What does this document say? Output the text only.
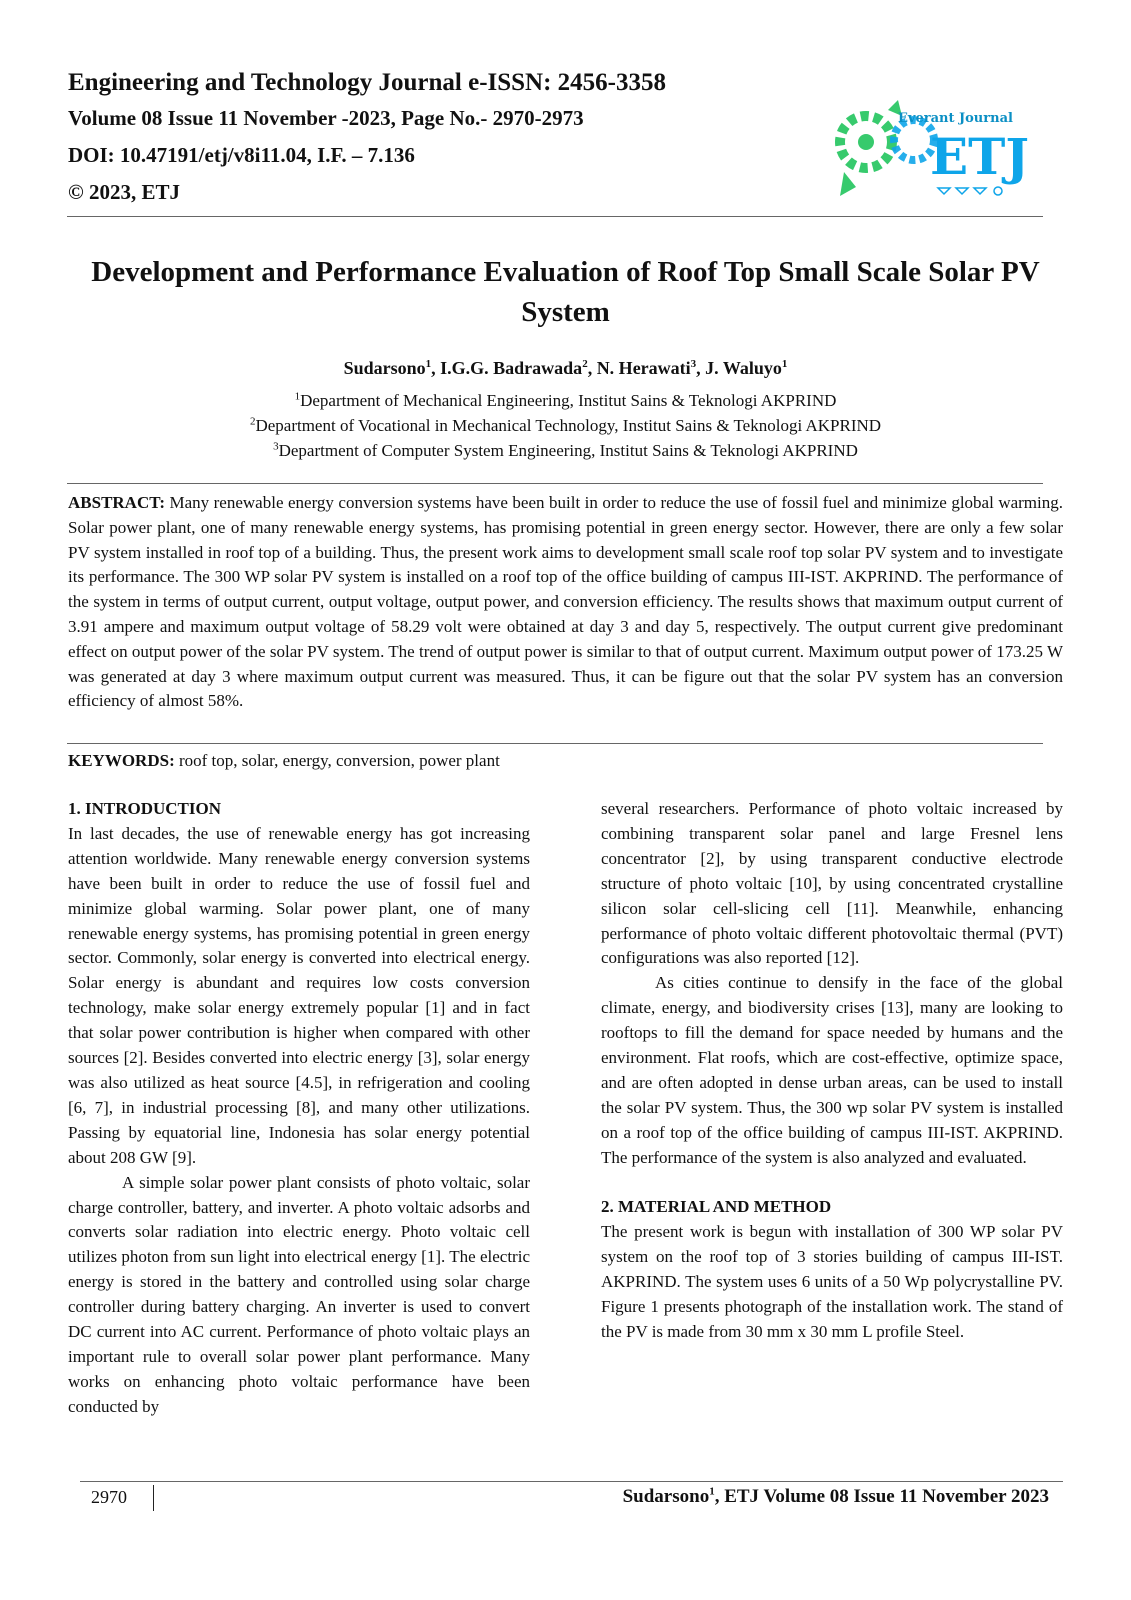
Engineering and Technology Journal e-ISSN: 2456-3358
Volume 08 Issue 11 November -2023, Page No.- 2970-2973
DOI: 10.47191/etj/v8i11.04, I.F. – 7.136
© 2023, ETJ
Everant Journal
ETJ
Development and Performance Evaluation of Roof Top Small Scale Solar PV System
Sudarsono$^1$, I.G.G. Badrawada$^2$, N. Herawati$^3$, J. Waluyo$^1$
$^1$Department of Mechanical Engineering, Institut Sains & Teknologi AKPRIND
$^2$Department of Vocational in Mechanical Technology, Institut Sains & Teknologi AKPRIND
$^3$Department of Computer System Engineering, Institut Sains & Teknologi AKPRIND
ABSTRACT: Many renewable energy conversion systems have been built in order to reduce the use of fossil fuel and minimize global warming. Solar power plant, one of many renewable energy systems, has promising potential in green energy sector. However, there are only a few solar PV system installed in roof top of a building. Thus, the present work aims to development small scale roof top solar PV system and to investigate its performance. The 300 WP solar PV system is installed on a roof top of the office building of campus III-IST. AKPRIND. The performance of the system in terms of output current, output voltage, output power, and conversion efficiency. The results shows that maximum output current of 3.91 ampere and maximum output voltage of 58.29 volt were obtained at day 3 and day 5, respectively. The output current give predominant effect on output power of the solar PV system. The trend of output power is similar to that of output current. Maximum output power of 173.25 W was generated at day 3 where maximum output current was measured. Thus, it can be figure out that the solar PV system has an conversion efficiency of almost 58%.
KEYWORDS: roof top, solar, energy, conversion, power plant

1. INTRODUCTION

In last decades, the use of renewable energy has got increasing attention worldwide. Many renewable energy conversion systems have been built in order to reduce the use of fossil fuel and minimize global warming. Solar power plant, one of many renewable energy systems, has promising potential in green energy sector. Commonly, solar energy is converted into electrical energy. Solar energy is abundant and requires low costs conversion technology, make solar energy extremely popular [1] and in fact that solar power contribution is higher when compared with other sources [2]. Besides converted into electric energy [3], solar energy was also utilized as heat source [4.5], in refrigeration and cooling [6, 7], in industrial processing [8], and many other utilizations. Passing by equatorial line, Indonesia has solar energy potential about 208 GW [9].

A simple solar power plant consists of photo voltaic, solar charge controller, battery, and inverter. A photo voltaic adsorbs and converts solar radiation into electric energy. Photo voltaic cell utilizes photon from sun light into electrical energy [1]. The electric energy is stored in the battery and controlled using solar charge controller during battery charging. An inverter is used to convert DC current into AC current. Performance of photo voltaic plays an important rule to overall solar power plant performance. Many works on enhancing photo voltaic performance have been conducted by

several researchers. Performance of photo voltaic increased by combining transparent solar panel and large Fresnel lens concentrator [2], by using transparent conductive electrode structure of photo voltaic [10], by using concentrated crystalline silicon solar cell-slicing cell [11]. Meanwhile, enhancing performance of photo voltaic different photovoltaic thermal (PVT) configurations was also reported [12].

As cities continue to densify in the face of the global climate, energy, and biodiversity crises [13], many are looking to rooftops to fill the demand for space needed by humans and the environment. Flat roofs, which are cost-effective, optimize space, and are often adopted in dense urban areas, can be used to install the solar PV system. Thus, the 300 wp solar PV system is installed on a roof top of the office building of campus III-IST. AKPRIND. The performance of the system is also analyzed and evaluated.

2. MATERIAL AND METHOD

The present work is begun with installation of 300 WP solar PV system on the roof top of 3 stories building of campus III-IST. AKPRIND. The system uses 6 units of a 50 Wp polycrystalline PV. Figure 1 presents photograph of the installation work. The stand of the PV is made from 30 mm x 30 mm L profile Steel.

2970	Sudarsono$^1$, ETJ Volume 08 Issue 11 November 2023
